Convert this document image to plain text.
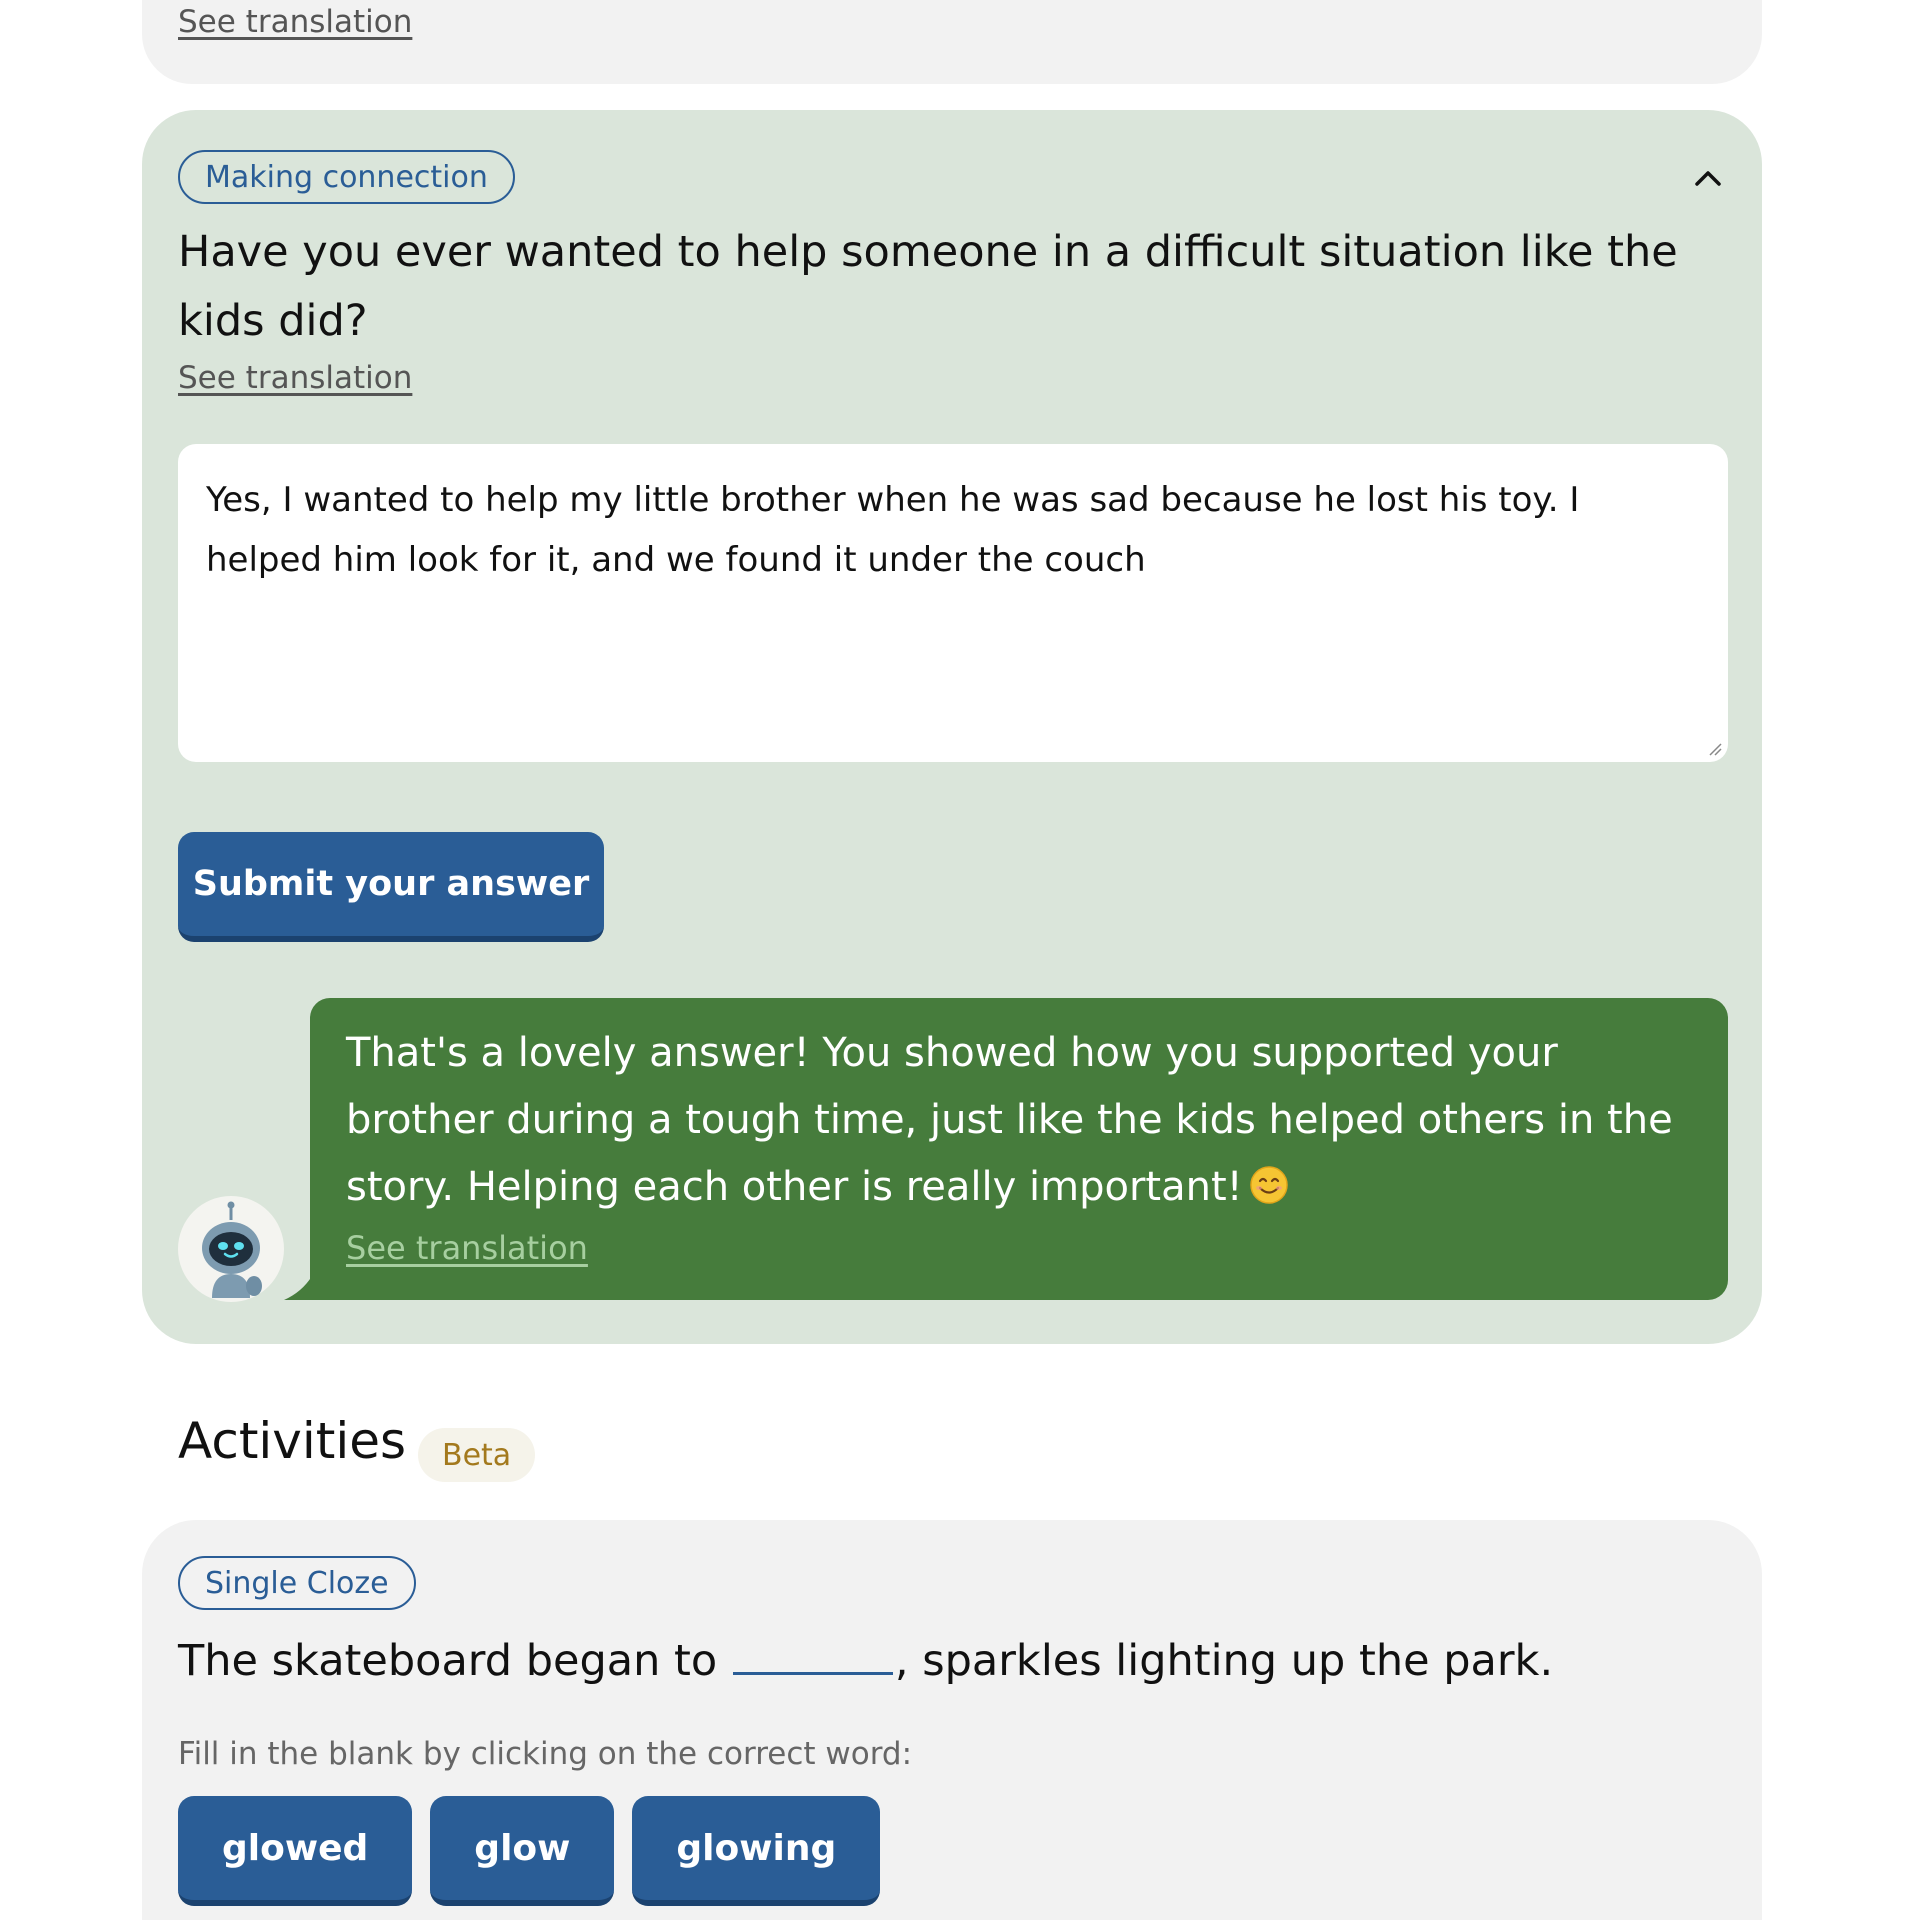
See translation
Making connection
Have you ever wanted to help someone in a difficult situation like the kids did?
See translation
Yes, I wanted to help my little brother when he was sad because he lost his toy. I helped him look for it, and we found it under the couch
Submit your answer
That's a lovely answer! You showed how you supported your brother during a tough time, just like the kids helped others in the story. Helping each other is really important!
See translation
Activities	Beta
Single Cloze
The skateboard began to	, sparkles lighting up the park.
Fill in the blank by clicking on the correct word:
glowed	glow	glowing
